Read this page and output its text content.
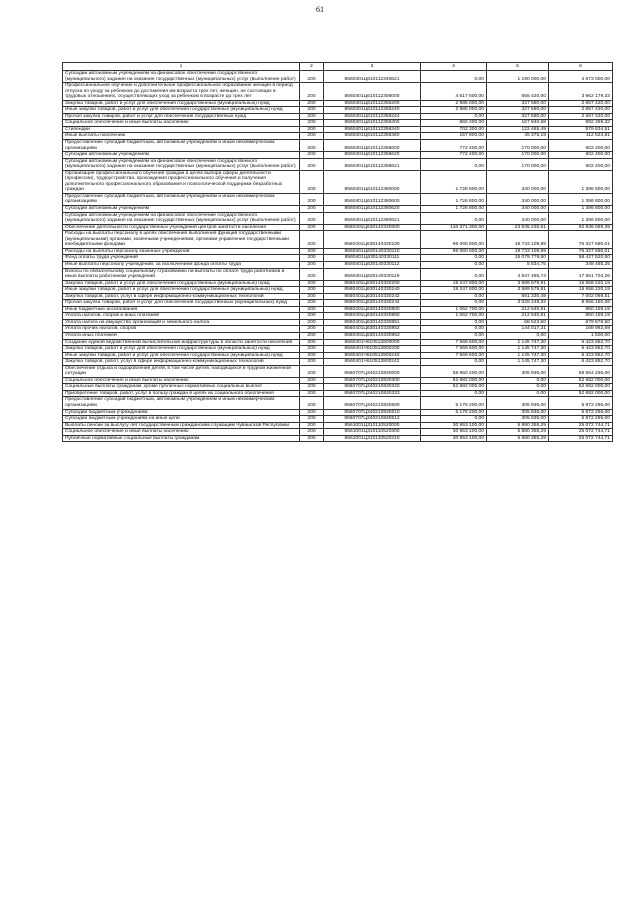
61
1	2	3	4	5	6
Субсидии автономным учреждениям на финансовое обеспечение государственного (муниципального) задания на оказание государственных (муниципальных) услуг (выполнение работ)	200	8560401Ц6101123406​21	0,00	1 190 000,00	4 673 000,00
Профессиональное обучение и дополнительное профессиональное образование женщин в период отпуска по уходу за ребенком до достижения им возраста трех лет, женщин, не состоящих в трудовых отношениях, осуществляющих уход за ребенком в возрасте до трех лет	200	8560401Ц610112356000	4 617 600,00	655 420,00	3 962 179,32
Закупка товаров, работ и услуг для обеспечения государственных (муниципальных) нужд	200	8560401Ц610112356200	2 985 000,00	327 580,00	2 657 420,00
Иные закупки товаров, работ и услуг для обеспечения государственных (муниципальных) нужд	200	8560401Ц610112356240	2 985 000,00	327 580,00	2 657 420,00
Прочая закупка товаров, работ и услуг для обеспечения государственных нужд	200	8560401Ц610112356244	0,00	327 580,00	2 657 420,00
Социальное обеспечение и иные выплаты населению	200	8560401Ц610112356300	860 200,00	167 840,68	692 359,32
Стипендии	200	8560401Ц610112356340	702 300,00	122 465,49	579 834,51
Иные выплаты населению	200	8560401Ц610112356360	157 900,00	45 375,19	112 524,81
Предоставление субсидий бюджетным, автономным учреждениям и иным некоммерческим организациям	200	8560401Ц610112356600	772 400,00	170 000,00	602 400,00
Субсидии автономным учреждениям	200	8560401Ц610112356620	772 400,00	170 000,00	602 400,00
Субсидии автономным учреждениям на финансовое обеспечение государственного (муниципального) задания на оказание государственных (муниципальных) услуг (выполнение работ)	200	8560401Ц610112356621	0,00	170 000,00	602 400,00
Организация профессионального обучения граждан в целях выбора сферы деятельности (профессии), трудоустройства, прохождения профессионального обучения и получения дополнительного профессионального образования и психологической поддержки безработных граждан	200	8560401Ц610112380000	1 726 800,00	340 000,00	1 386 800,00
Предоставление субсидий бюджетным, автономным учреждениям и иным некоммерческим организациям	200	8560401Ц610112380600	1 726 800,00	340 000,00	1 386 800,00
Субсидии автономным учреждениям	200	8560401Ц610112380620	1 726 800,00	340 000,00	1 386 800,00
Субсидии автономным учреждениям на финансовое обеспечение государственного (муниципального) задания на оказание государственных (муниципальных) услуг (выполнение работ)	200	8560401Ц610112380621	0,00	340 000,00	1 386 800,00
Обеспечение деятельности государственных учреждений центров занятости населения	200	8560401Ц630140330000	116 371 300,00	23 535 230,61	92 836 069,39
Расходы на выплаты персоналу в целях обеспечения выполнения функций государственными (муниципальными) органами, казенными учреждениями, органами управления государственными внебюджетными фондами	200	8560401Ц630140330100	96 060 800,00	19 733 109,99	76 327 690,01
Расходы на выплаты персоналу казенных учреждений	200	8560401Ц630140330110	96 060 800,00	19 733 109,99	76 327 690,01
Фонд оплаты труда учреждений	200	8560401Ц630140330111	0,00	15 079 779,50	58 427 520,50
Иные выплаты персоналу учреждений, за исключением фонда оплаты труда	200	8560401Ц630140330112	0,00	5 834,75	348 465,25
Взносы по обязательному социальному страхованию на выплаты по оплате труда работников и иные выплаты работникам учреждений	200	8560401Ц630140330119	0,00	4 647 495,74	17 551 704,26
Закупка товаров, работ и услуг для обеспечения государственных (муниципальных) нужд	200	8560401Ц630140330200	19 247 800,00	3 589 579,81	15 658 220,19
Иные закупки товаров, работ и услуг для обеспечения государственных (муниципальных) нужд	200	8560401Ц630140330240	19 247 800,00	3 589 579,81	15 658 220,19
Закупка товаров, работ, услуг в сфере информационно-коммуникационных технологий	200	8560401Ц630140330242	0,00	561 330,49	7 002 069,51
Прочая закупка товаров, работ и услуг для обеспечения государственных (муниципальных) нужд	200	8560401Ц630140330244	0,00	3 028 249,32	8 656 150,68
Иные бюджетные ассигнования	200	8560401Ц630140330800	1 062 700,00	212 540,81	850 159,19
Уплата налогов, сборов и иных платежей	200	8560401Ц630140330850	1 062 700,00	212 540,81	850 159,19
Уплата налога на имущество организаций и земельного налога	200	8560401Ц630140330851	0,00	68 523,50	679 676,50
Уплата прочих налогов, сборов	200	8560401Ц630140330852	0,00	144 017,31	168 982,69
Уплата иных платежей	200	8560401Ц630140330853	0,00	0,00	1 500,00
Создание единой ведомственной вычислительной инфраструктуры в области занятости населения	200	8560401Ч610513900000	7 569 600,00	1 145 747,30	6 423 852,70
Закупка товаров, работ и услуг для обеспечения государственных (муниципальных) нужд	200	8560401Ч610513900200	7 569 600,00	1 145 747,30	6 423 852,70
Иные закупки товаров, работ и услуг для обеспечения государственных (муниципальных) нужд	200	8560401Ч610513900240	7 569 600,00	1 145 747,30	6 423 852,70
Закупка товаров, работ, услуг в сфере информационно-коммуникационных технологий	200	8560401Ч610513900242	0,00	1 145 747,30	6 423 852,70
Обеспечение отдыха и оздоровления детей, в том числе детей, находящихся в трудной жизненной ситуации	200	8560707Ц340210830000	58 860 200,00	305 935,00	58 554 265,00
Социальное обеспечение и иные выплаты населению	200	8560707Ц340210830300	52 682 000,00	0,00	52 682 000,00
Социальные выплаты гражданам, кроме публичных нормативных социальных выплат	200	8560707Ц340210830320	52 682 000,00	0,00	52 682 000,00
Приобретение товаров, работ, услуг в пользу граждан в целях их социального обеспечения	200	8560707Ц340210830323	0,00	0,00	52 682 000,00
Предоставление субсидий бюджетным, автономным учреждениям и иным некоммерческим организациям	200	8560707Ц340210830600	6 178 200,00	305 935,00	5 872 265,00
Субсидии бюджетным учреждениям	200	8560707Ц340210830610	6 178 200,00	305 935,00	5 872 265,00
Субсидии бюджетным учреждениям на иные цели	200	8560707Ц340210830612	0,00	305 935,00	5 872 265,00
Выплаты пенсии за выслугу лет государственным гражданским служащим Чувашской Республики	200	8561001Ц310110520000	30 953 100,00	5 880 355,29	25 072 744,71
Социальное обеспечение и иные выплаты населению	200	8561001Ц310110520300	30 953 100,00	5 880 355,29	25 072 744,71
Публичные нормативные социальные выплаты гражданам	200	8561001Ц310110520310	30 953 100,00	5 880 355,29	25 072 744,71
